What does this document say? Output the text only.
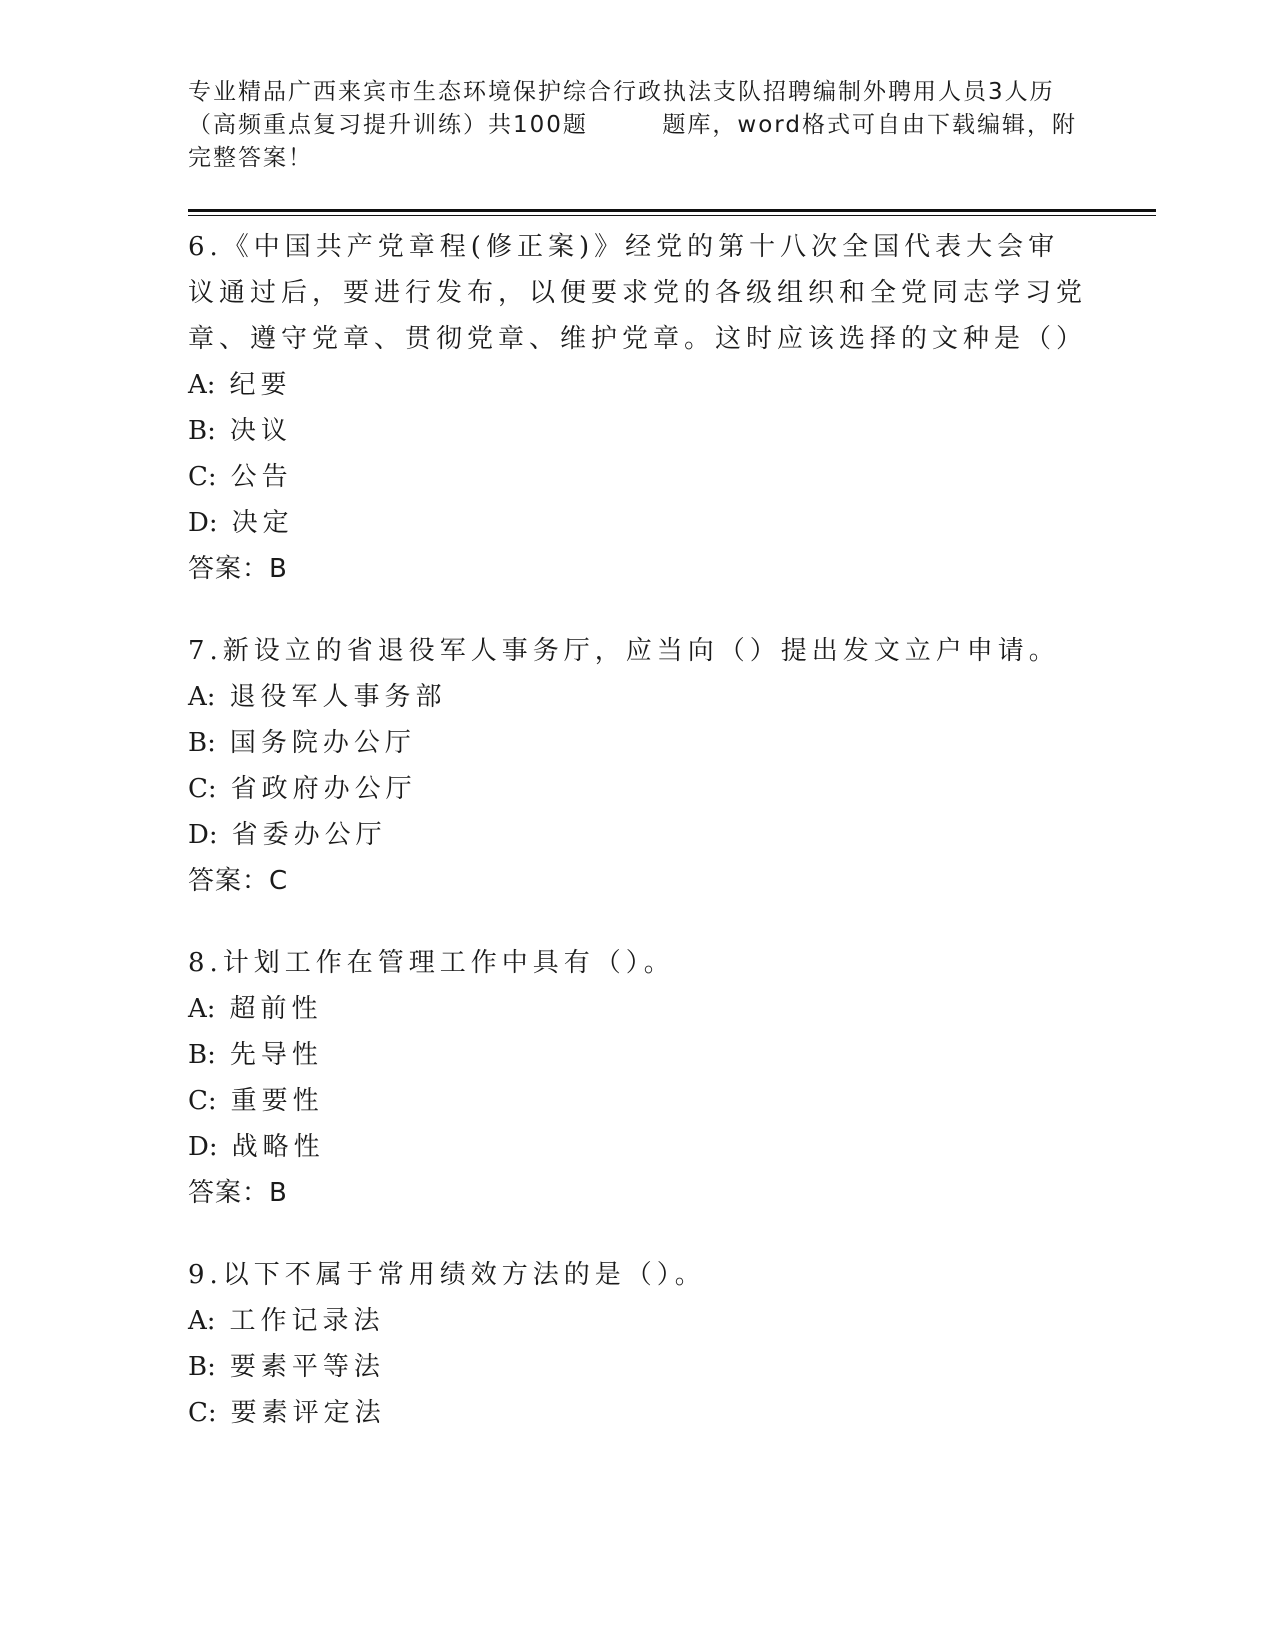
专业精品广西来宾市生态环境保护综合行政执法支队招聘编制外聘用人员3人历（高频重点复习提升训练）共100题	题库，word格式可自由下载编辑，附完整答案！
6.《中国共产党章程(修正案)》经党的第十八次全国代表大会审议通过后，要进行发布，以便要求党的各级组织和全党同志学习党章、遵守党章、贯彻党章、维护党章。这时应该选择的文种是（）
A: 纪要
B: 决议
C: 公告
D: 决定
答案：B
7.新设立的省退役军人事务厅，应当向（）提出发文立户申请。
A: 退役军人事务部
B: 国务院办公厅
C: 省政府办公厅
D: 省委办公厅
答案：C
8.计划工作在管理工作中具有（）。
A: 超前性
B: 先导性
C: 重要性
D: 战略性
答案：B
9.以下不属于常用绩效方法的是（）。
A: 工作记录法
B: 要素平等法
C: 要素评定法
